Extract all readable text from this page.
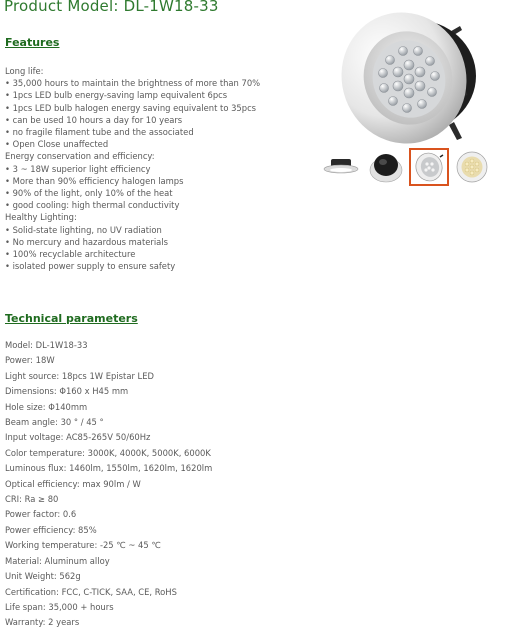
Product Model: DL-1W18-33
Features
Long life:
• 35,000 hours to maintain the brightness of more than 70%
• 1pcs LED bulb energy-saving lamp equivalent 6pcs
• 1pcs LED bulb halogen energy saving equivalent to 35pcs
• can be used 10 hours a day for 10 years
• no fragile filament tube and the associated
• Open Close unaffected
Energy conservation and efficiency:
• 3 ~ 18W superior light efficiency
• More than 90% efficiency halogen lamps
• 90% of the light, only 10% of the heat
• good cooling: high thermal conductivity
Healthy Lighting:
• Solid-state lighting, no UV radiation
• No mercury and hazardous materials
• 100% recyclable architecture
• isolated power supply to ensure safety
Technical parameters
Model: DL-1W18-33
Power: 18W
Light source: 18pcs 1W Epistar LED
Dimensions: Φ160 x H45 mm
Hole size: Φ140mm
Beam angle: 30 ° / 45 °
Input voltage: AC85-265V 50/60Hz
Color temperature: 3000K, 4000K, 5000K, 6000K
Luminous flux: 1460lm, 1550lm, 1620lm, 1620lm
Optical efficiency: max 90lm / W
CRI: Ra ≥ 80
Power factor: 0.6
Power efficiency: 85%
Working temperature: -25 ℃ ~ 45 ℃
Material: Aluminum alloy
Unit Weight: 562g
Certification: FCC, C-TICK, SAA, CE, RoHS
Life span: 35,000 + hours
Warranty: 2 years
